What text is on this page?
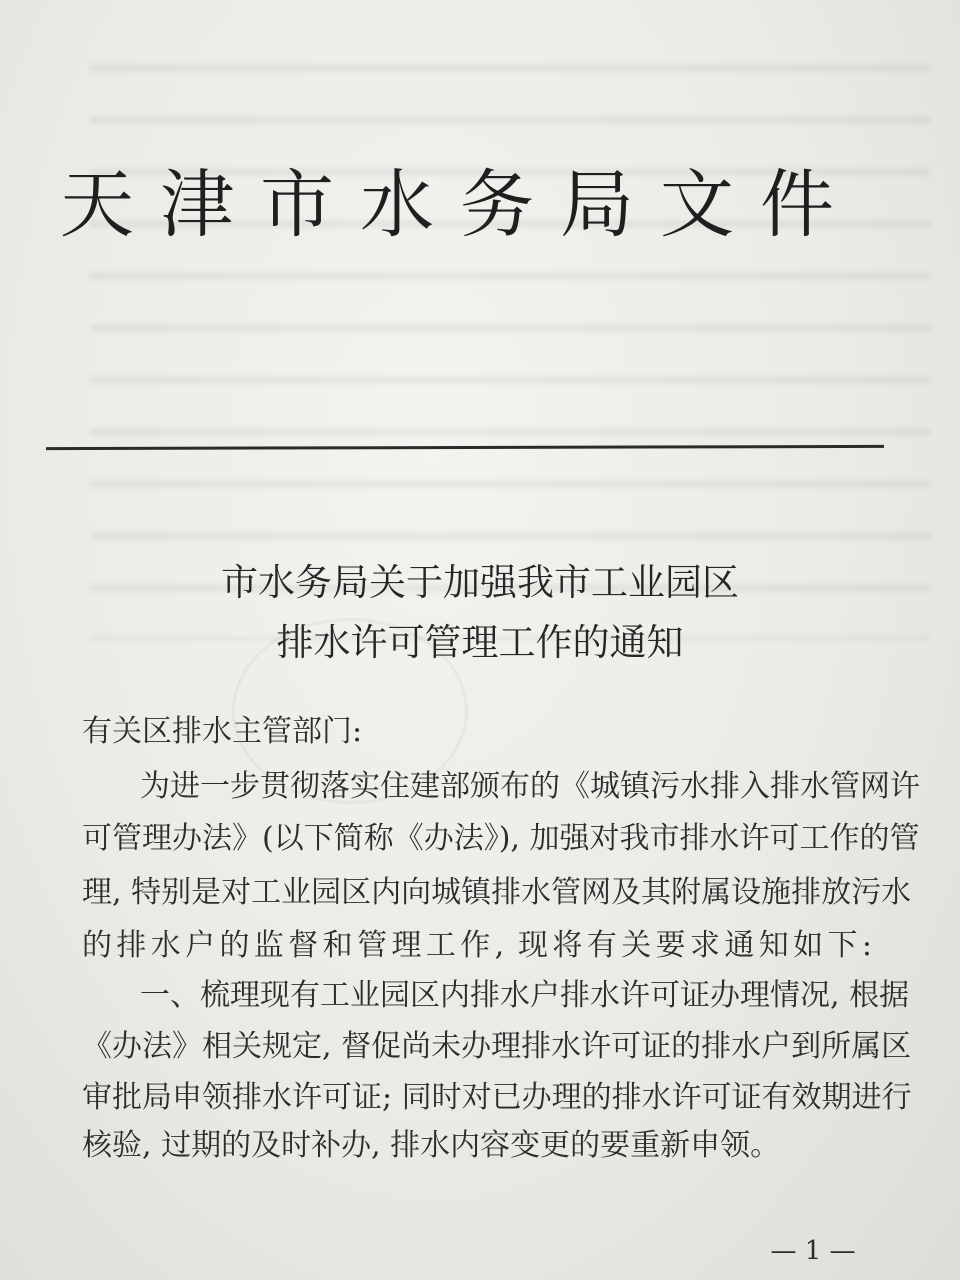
天津市水务局文件
市水务局关于加强我市工业园区
排水许可管理工作的通知
有关区排水主管部门:
为进一步贯彻落实住建部颁布的《城镇污水排入排水管网许
可管理办法》(以下简称《办法》), 加强对我市排水许可工作的管
理, 特别是对工业园区内向城镇排水管网及其附属设施排放污水
的排水户的监督和管理工作, 现将有关要求通知如下:
一、梳理现有工业园区内排水户排水许可证办理情况, 根据
《办法》相关规定, 督促尚未办理排水许可证的排水户到所属区
审批局申领排水许可证; 同时对已办理的排水许可证有效期进行
核验, 过期的及时补办, 排水内容变更的要重新申领。
— 1 —
